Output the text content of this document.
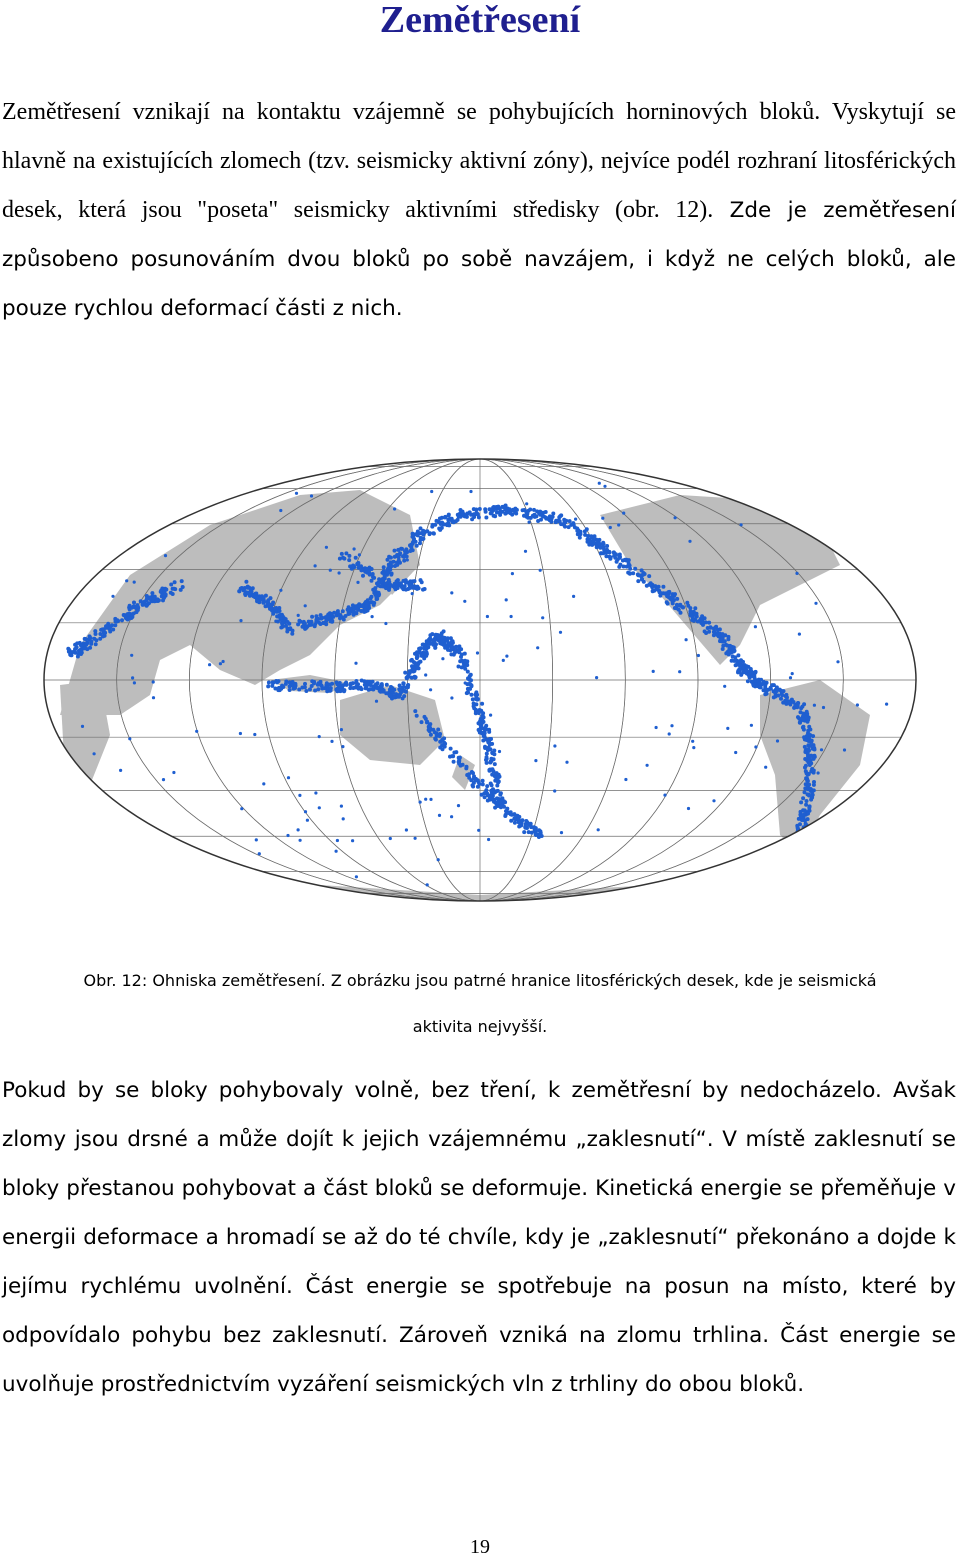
Zemětřesení

Zemětřesení vznikají na kontaktu vzájemně se pohybujících horninových bloků. Vyskytují se hlavně na existujících zlomech (tzv. seismicky aktivní zóny), nejvíce podél rozhraní litosférických desek, která jsou "poseta" seismicky aktivními středisky (obr. 12). Zde je zemětřesení způsobeno posunováním dvou bloků po sobě navzájem, i když ne celých bloků, ale pouze rychlou deformací části z nich.

Obr. 12: Ohniska zemětřesení. Z obrázku jsou patrné hranice litosférických desek, kde je seismická
aktivita nejvyšší.

Pokud by se bloky pohybovaly volně, bez tření, k zemětřesní by nedocházelo. Avšak zlomy jsou drsné a může dojít k jejich vzájemnému „zaklesnutí“. V místě zaklesnutí se bloky přestanou pohybovat a část bloků se deformuje. Kinetická energie se přeměňuje v energii deformace a hromadí se až do té chvíle, kdy je „zaklesnutí“ překonáno a dojde k jejímu rychlému uvolnění. Část energie se spotřebuje na posun na místo, které by odpovídalo pohybu bez zaklesnutí. Zároveň vzniká na zlomu trhlina. Část energie se uvolňuje prostřednictvím vyzáření seismických vln z trhliny do obou bloků.

19
